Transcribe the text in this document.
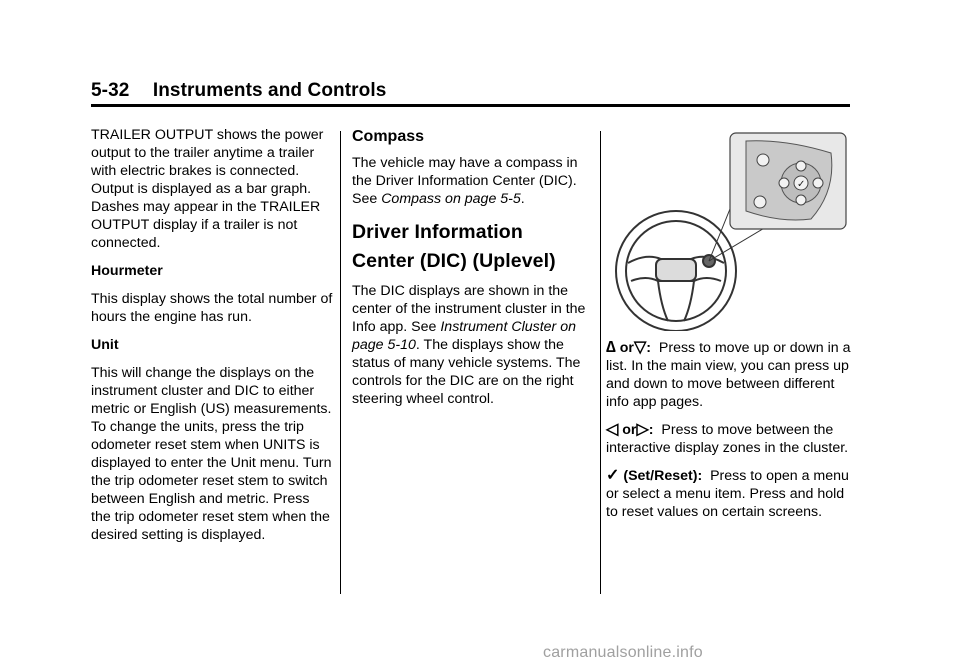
5-32 Instruments and Controls

TRAILER OUTPUT shows the power output to the trailer anytime a trailer with electric brakes is connected. Output is displayed as a bar graph. Dashes may appear in the TRAILER OUTPUT display if a trailer is not connected.

Hourmeter

This display shows the total number of hours the engine has run.

Unit

This will change the displays on the instrument cluster and DIC to either metric or English (US) measurements. To change the units, press the trip odometer reset stem when UNITS is displayed to enter the Unit menu. Turn the trip odometer reset stem to switch between English and metric. Press the trip odometer reset stem when the desired setting is displayed.

Compass

The vehicle may have a compass in the Driver Information Center (DIC). See Compass on page 5-5.

Driver Information Center (DIC) (Uplevel)

The DIC displays are shown in the center of the instrument cluster in the Info app. See Instrument Cluster on page 5-10. The displays show the status of many vehicle systems. The controls for the DIC are on the right steering wheel control.

✓

∆ or▽: Press to move up or down in a list. In the main view, you can press up and down to move between different info app pages.

◁ or▷: Press to move between the interactive display zones in the cluster.

✓ (Set/Reset): Press to open a menu or select a menu item. Press and hold to reset values on certain screens.

carmanualsonline.info
